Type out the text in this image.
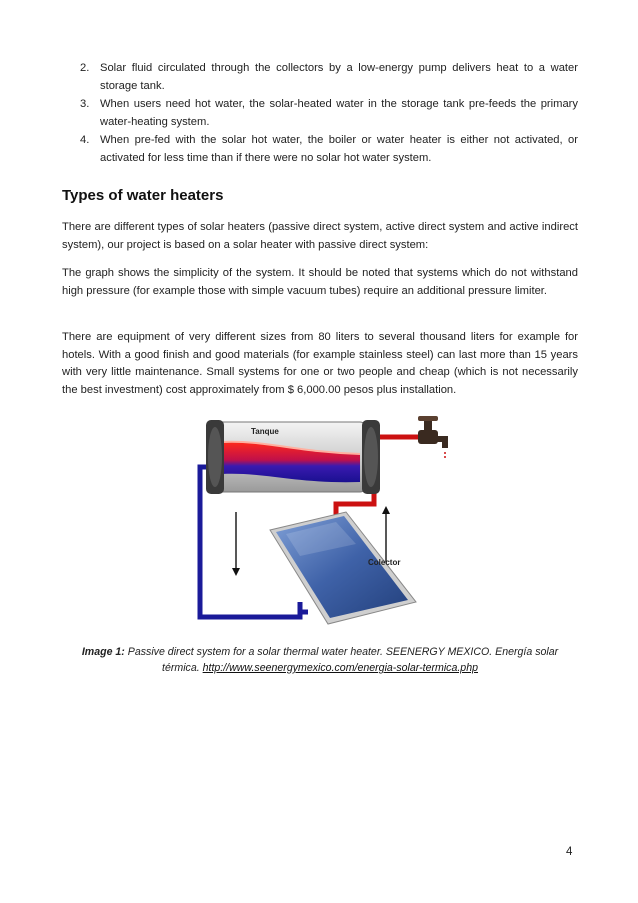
2. Solar fluid circulated through the collectors by a low-energy pump delivers heat to a water storage tank.
3. When users need hot water, the solar-heated water in the storage tank pre-feeds the primary water-heating system.
4. When pre-fed with the solar hot water, the boiler or water heater is either not activated, or activated for less time than if there were no solar hot water system.
Types of water heaters

There are different types of solar heaters (passive direct system, active direct system and active indirect system), our project is based on a solar heater with passive direct system:

The graph shows the simplicity of the system. It should be noted that systems which do not withstand high pressure (for example those with simple vacuum tubes) require an additional pressure limiter.

There are equipment of very different sizes from 80 liters to several thousand liters for example for hotels. With a good finish and good materials (for example stainless steel) can last more than 15 years with very little maintenance. Small systems for one or two people and cheap (which is not necessarily the best investment) cost approximately from $ 6,000.00 pesos plus installation.

Tanque
Colector
Image 1: Passive direct system for a solar thermal water heater. SEENERGY MEXICO. Energía solar térmica. http://www.seenergymexico.com/energia-solar-termica.php
4
